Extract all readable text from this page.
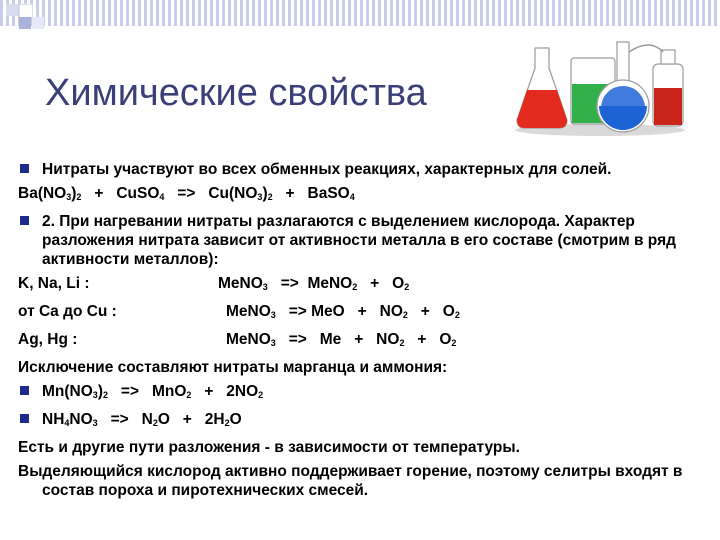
Химические свойства

Нитраты участвуют во всех обменных реакциях, характерных для солей.

$Ba(NO_3)_2$   +   CuSO$_4$   =>   $Cu(NO_3)_2$   +   BaSO$_4$

2. При нагревании нитраты разлагаются с выделением кислорода. Характер разложения нитрата зависит от активности металла в его составе (смотрим в ряд активности металлов):

K, Na, Li :	MeNO$_3$   =>  MeNO$_2$   +   $O_2$
от Ca до Cu :	MeNO$_3$   => MeO   +   $NO_2 + O_2$
Ag, Hg :	MeNO$_3$   =>   $Me + NO_2 + O_2$

Исключение составляют нитраты марганца и аммония:

$Mn(NO_3)_2 => MnO_2 + 2NO_2$

$NH_4NO_3 => N_2O + 2H_2O$

Есть и другие пути разложения - в зависимости от температуры.

Выделяющийся кислород активно поддерживает горение, поэтому селитры входят в состав пороха и пиротехнических смесей.
